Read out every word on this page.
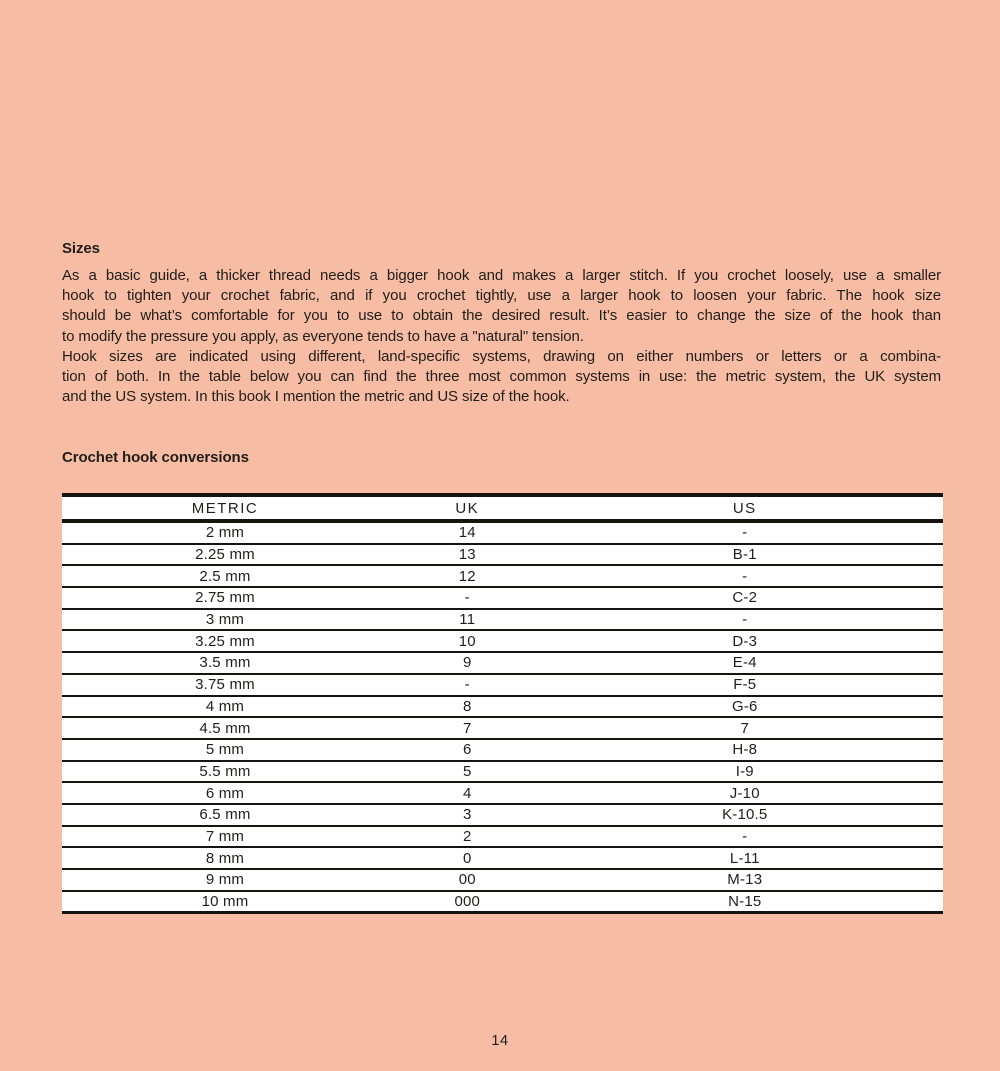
Sizes
As a basic guide, a thicker thread needs a bigger hook and makes a larger stitch. If you crochet loosely, use a smaller
hook to tighten your crochet fabric, and if you crochet tightly, use a larger hook to loosen your fabric. The hook size
should be what’s comfortable for you to use to obtain the desired result. It’s easier to change the size of the hook than
to modify the pressure you apply, as everyone tends to have a "natural" tension.
Hook sizes are indicated using different, land-specific systems, drawing on either numbers or letters or a combina-
tion of both. In the table below you can find the three most common systems in use: the metric system, the UK system
and the US system. In this book I mention the metric and US size of the hook.
Crochet hook conversions
METRIC	UK	US
2 mm	14	-
2.25 mm	13	B-1
2.5 mm	12	-
2.75 mm	-	C-2
3 mm	11	-
3.25 mm	10	D-3
3.5 mm	9	E-4
3.75 mm	-	F-5
4 mm	8	G-6
4.5 mm	7	7
5 mm	6	H-8
5.5 mm	5	I-9
6 mm	4	J-10
6.5 mm	3	K-10.5
7 mm	2	-
8 mm	0	L-11
9 mm	00	M-13
10 mm	000	N-15
14
